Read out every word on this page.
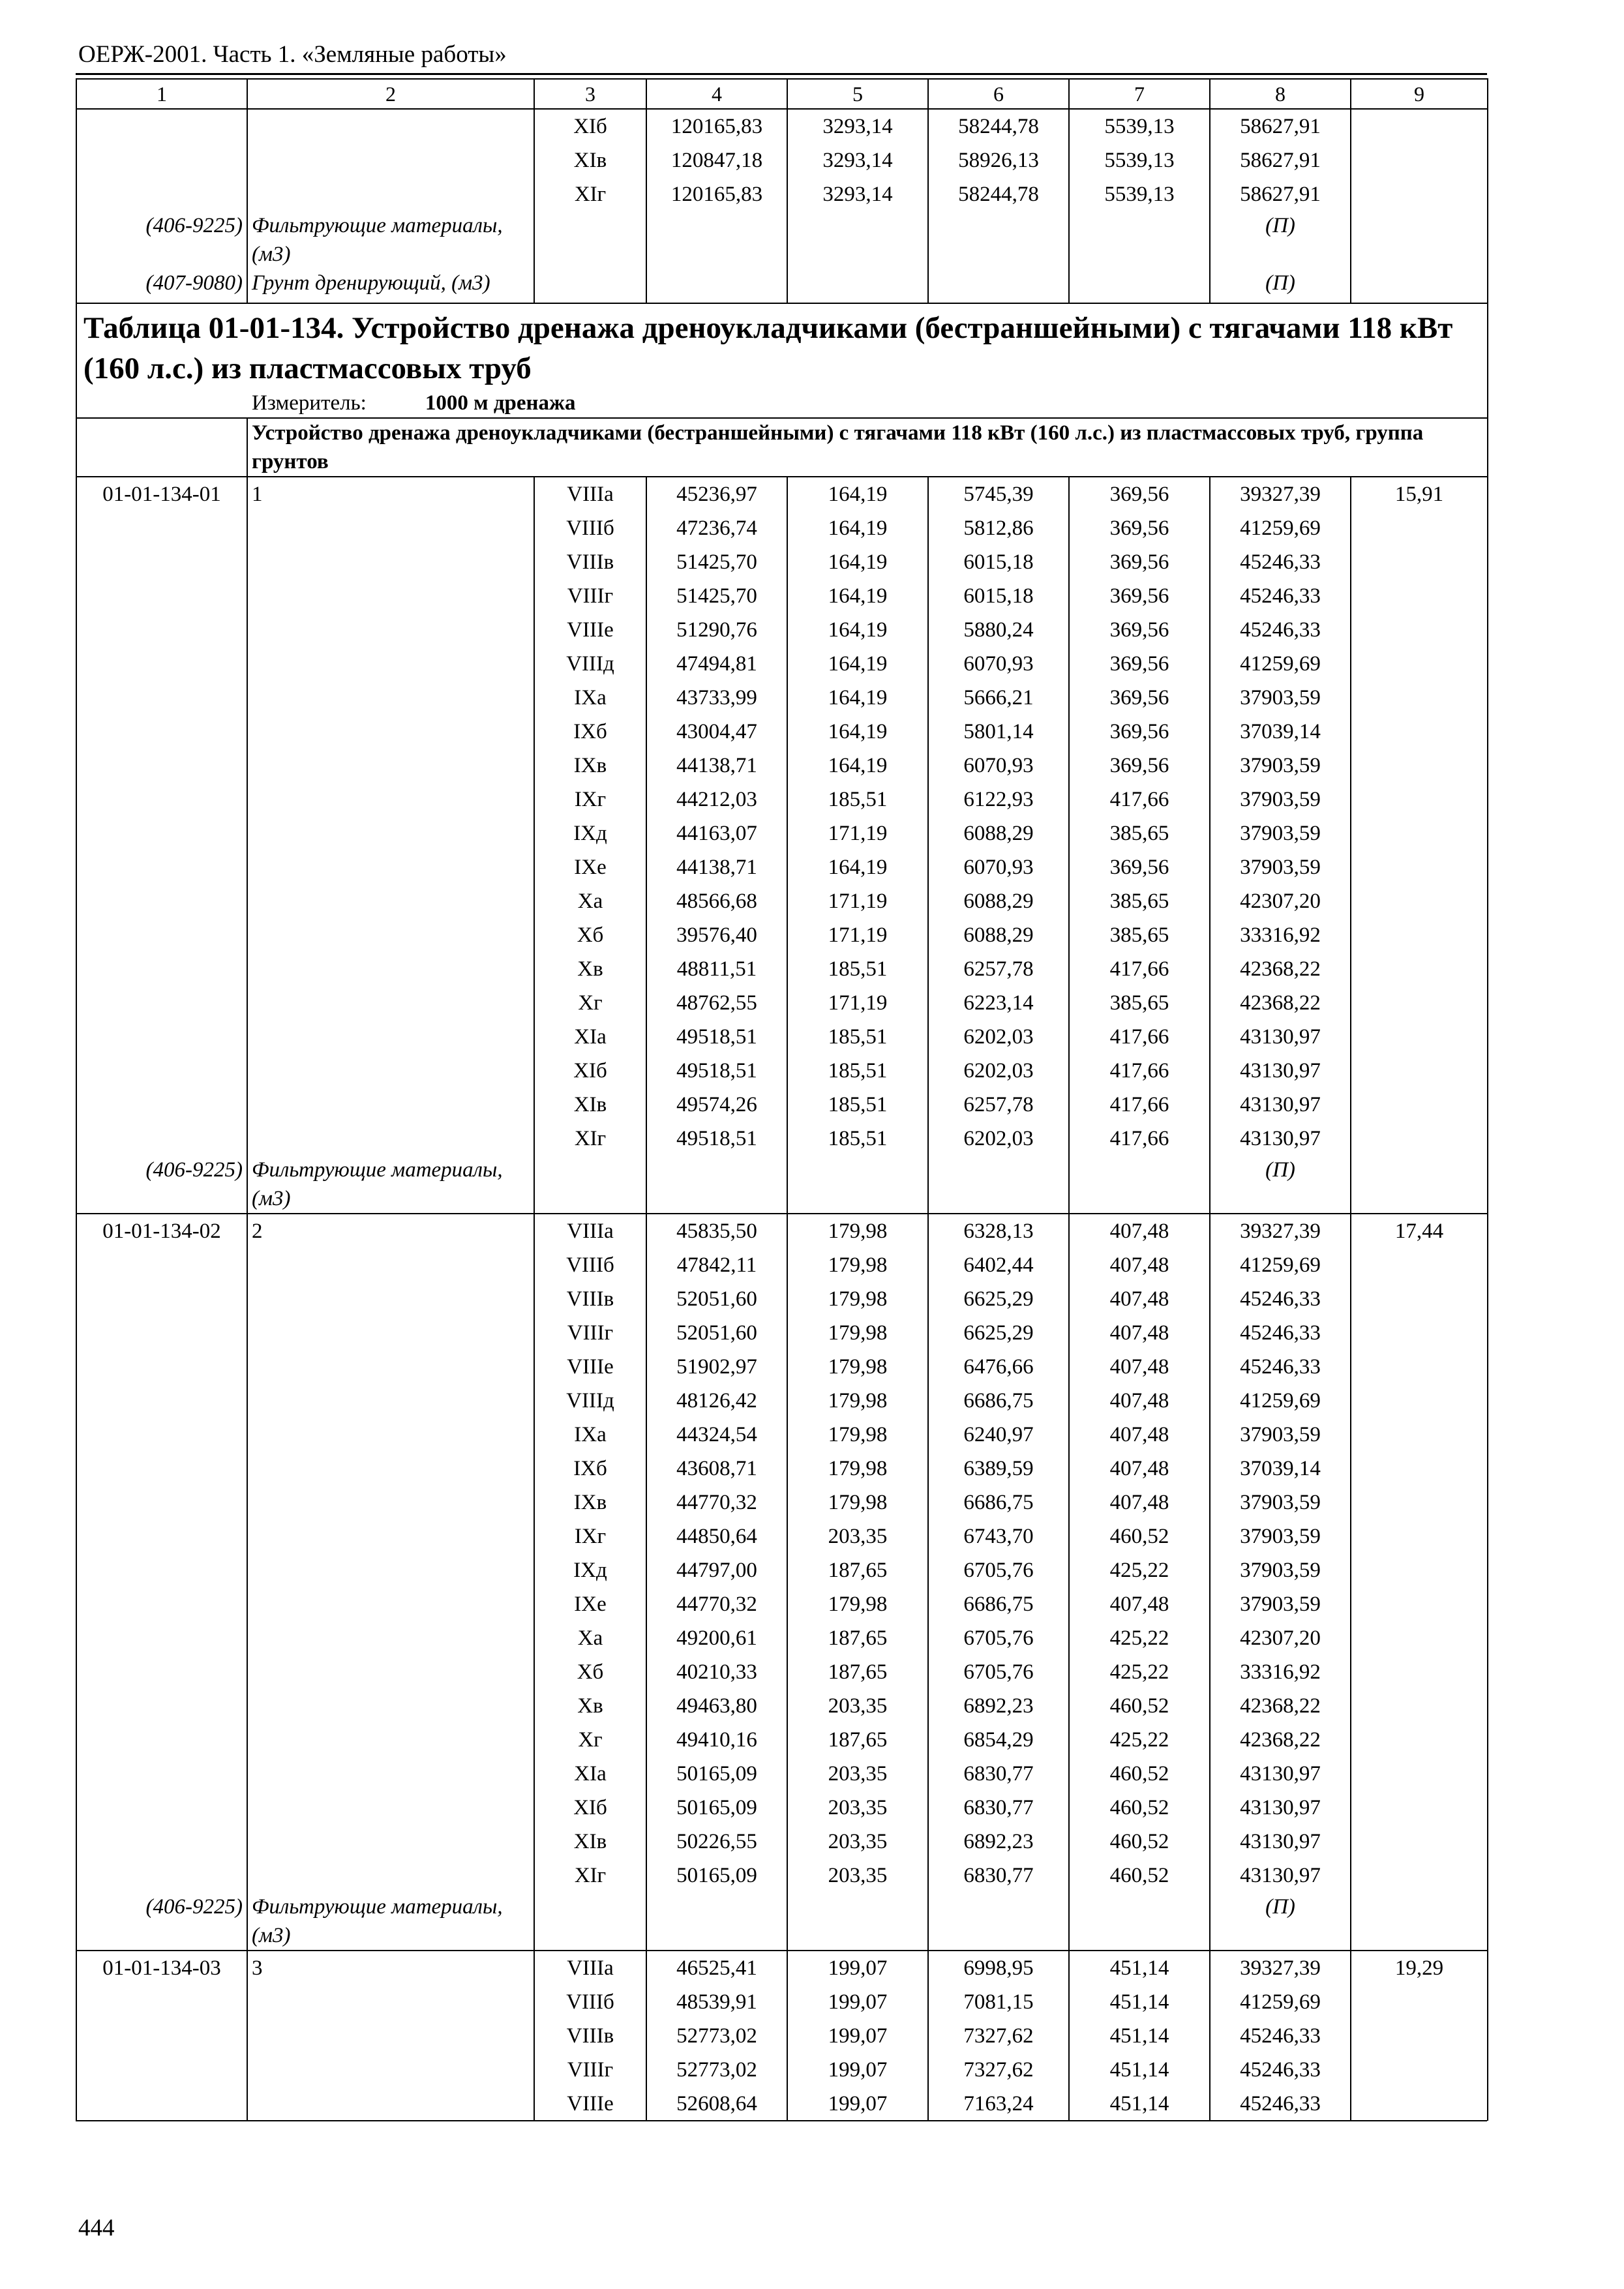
ОЕРЖ-2001. Часть 1. «Земляные работы»
1	2	3	4	5	6	7	8	9
		XIб	120165,83	3293,14	58244,78	5539,13	58627,91	
		XIв	120847,18	3293,14	58926,13	5539,13	58627,91	
		XIг	120165,83	3293,14	58244,78	5539,13	58627,91	
(406-9225)	Фильтрующие материалы, (м3)						(П)	
(407-9080)	Грунт дренирующий, (м3)						(П)	

Таблица 01-01-134. Устройство дренажа дреноукладчиками (бестраншейными) с тягачами 118 кВт (160 л.с.) из пластмассовых труб
Измеритель: 1000 м дренажа								

	Устройство дренажа дреноукладчиками (бестраншейными) с тягачами 118 кВт (160 л.с.) из пластмассовых труб, группа грунтов							

01-01-134-01	1	VIIIа	45236,97	164,19	5745,39	369,56	39327,39	15,91
		VIIIб	47236,74	164,19	5812,86	369,56	41259,69	
		VIIIв	51425,70	164,19	6015,18	369,56	45246,33	
		VIIIг	51425,70	164,19	6015,18	369,56	45246,33	
		VIIIе	51290,76	164,19	5880,24	369,56	45246,33	
		VIIIд	47494,81	164,19	6070,93	369,56	41259,69	
		IXа	43733,99	164,19	5666,21	369,56	37903,59	
		IXб	43004,47	164,19	5801,14	369,56	37039,14	
		IXв	44138,71	164,19	6070,93	369,56	37903,59	
		IXг	44212,03	185,51	6122,93	417,66	37903,59	
		IXд	44163,07	171,19	6088,29	385,65	37903,59	
		IXе	44138,71	164,19	6070,93	369,56	37903,59	
		Xа	48566,68	171,19	6088,29	385,65	42307,20	
		Xб	39576,40	171,19	6088,29	385,65	33316,92	
		Xв	48811,51	185,51	6257,78	417,66	42368,22	
		Xг	48762,55	171,19	6223,14	385,65	42368,22	
		XIа	49518,51	185,51	6202,03	417,66	43130,97	
		XIб	49518,51	185,51	6202,03	417,66	43130,97	
		XIв	49574,26	185,51	6257,78	417,66	43130,97	
		XIг	49518,51	185,51	6202,03	417,66	43130,97	
(406-9225)	Фильтрующие материалы, (м3)						(П)	
01-01-134-02	2	VIIIа	45835,50	179,98	6328,13	407,48	39327,39	17,44
		VIIIб	47842,11	179,98	6402,44	407,48	41259,69	
		VIIIв	52051,60	179,98	6625,29	407,48	45246,33	
		VIIIг	52051,60	179,98	6625,29	407,48	45246,33	
		VIIIе	51902,97	179,98	6476,66	407,48	45246,33	
		VIIIд	48126,42	179,98	6686,75	407,48	41259,69	
		IXа	44324,54	179,98	6240,97	407,48	37903,59	
		IXб	43608,71	179,98	6389,59	407,48	37039,14	
		IXв	44770,32	179,98	6686,75	407,48	37903,59	
		IXг	44850,64	203,35	6743,70	460,52	37903,59	
		IXд	44797,00	187,65	6705,76	425,22	37903,59	
		IXе	44770,32	179,98	6686,75	407,48	37903,59	
		Xа	49200,61	187,65	6705,76	425,22	42307,20	
		Xб	40210,33	187,65	6705,76	425,22	33316,92	
		Xв	49463,80	203,35	6892,23	460,52	42368,22	
		Xг	49410,16	187,65	6854,29	425,22	42368,22	
		XIа	50165,09	203,35	6830,77	460,52	43130,97	
		XIб	50165,09	203,35	6830,77	460,52	43130,97	
		XIв	50226,55	203,35	6892,23	460,52	43130,97	
		XIг	50165,09	203,35	6830,77	460,52	43130,97	
(406-9225)	Фильтрующие материалы, (м3)						(П)	
01-01-134-03	3	VIIIа	46525,41	199,07	6998,95	451,14	39327,39	19,29
		VIIIб	48539,91	199,07	7081,15	451,14	41259,69	
		VIIIв	52773,02	199,07	7327,62	451,14	45246,33	
		VIIIг	52773,02	199,07	7327,62	451,14	45246,33	
		VIIIе	52608,64	199,07	7163,24	451,14	45246,33	
444
